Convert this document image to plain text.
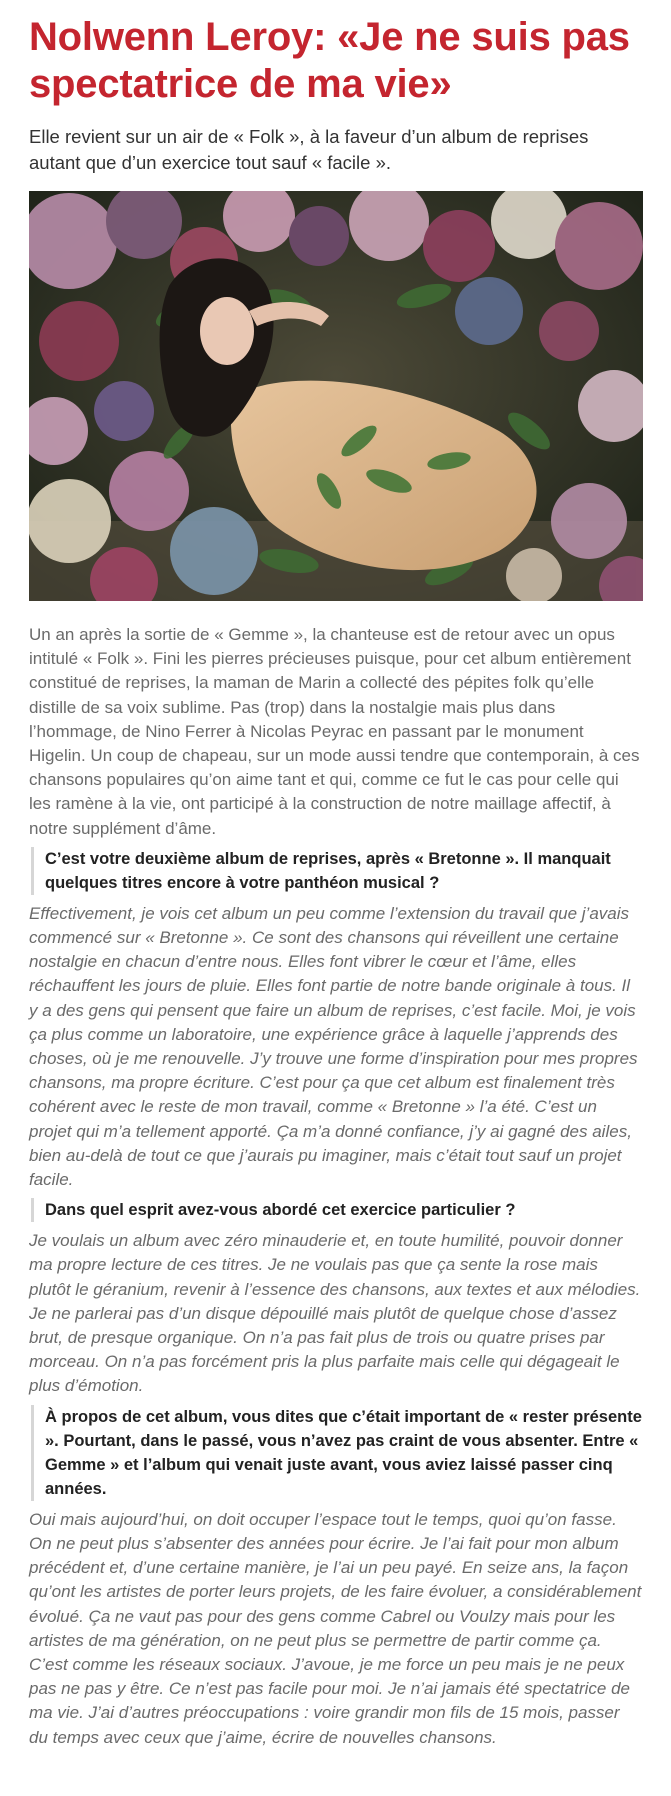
Nolwenn Leroy: «Je ne suis pas spectatrice de ma vie»

Elle revient sur un air de « Folk », à la faveur d’un album de reprises autant que d’un exercice tout sauf « facile ».

Un an après la sortie de « Gemme », la chanteuse est de retour avec un opus intitulé « Folk ». Fini les pierres précieuses puisque, pour cet album entièrement constitué de reprises, la maman de Marin a collecté des pépites folk qu’elle distille de sa voix sublime. Pas (trop) dans la nostalgie mais plus dans l’hommage, de Nino Ferrer à Nicolas Peyrac en passant par le monument Higelin. Un coup de chapeau, sur un mode aussi tendre que contemporain, à ces chansons populaires qu’on aime tant et qui, comme ce fut le cas pour celle qui les ramène à la vie, ont participé à la construction de notre maillage affectif, à notre supplément d’âme.

C’est votre deuxième album de reprises, après « Bretonne ». Il manquait quelques titres encore à votre panthéon musical ?

Effectivement, je vois cet album un peu comme l’extension du travail que j’avais commencé sur « Bretonne ». Ce sont des chansons qui réveillent une certaine nostalgie en chacun d’entre nous. Elles font vibrer le cœur et l’âme, elles réchauffent les jours de pluie. Elles font partie de notre bande originale à tous. Il y a des gens qui pensent que faire un album de reprises, c’est facile. Moi, je vois ça plus comme un laboratoire, une expérience grâce à laquelle j’apprends des choses, où je me renouvelle. J’y trouve une forme d’inspiration pour mes propres chansons, ma propre écriture. C’est pour ça que cet album est finalement très cohérent avec le reste de mon travail, comme « Bretonne » l’a été. C’est un projet qui m’a tellement apporté. Ça m’a donné confiance, j’y ai gagné des ailes, bien au-delà de tout ce que j’aurais pu imaginer, mais c’était tout sauf un projet facile.

Dans quel esprit avez-vous abordé cet exercice particulier ?

Je voulais un album avec zéro minauderie et, en toute humilité, pouvoir donner ma propre lecture de ces titres. Je ne voulais pas que ça sente la rose mais plutôt le géranium, revenir à l’essence des chansons, aux textes et aux mélodies. Je ne parlerai pas d’un disque dépouillé mais plutôt de quelque chose d’assez brut, de presque organique. On n’a pas fait plus de trois ou quatre prises par morceau. On n’a pas forcément pris la plus parfaite mais celle qui dégageait le plus d’émotion.

À propos de cet album, vous dites que c’était important de « rester présente ». Pourtant, dans le passé, vous n’avez pas craint de vous absenter. Entre « Gemme » et l’album qui venait juste avant, vous aviez laissé passer cinq années.

Oui mais aujourd’hui, on doit occuper l’espace tout le temps, quoi qu’on fasse. On ne peut plus s’absenter des années pour écrire. Je l’ai fait pour mon album précédent et, d’une certaine manière, je l’ai un peu payé. En seize ans, la façon qu’ont les artistes de porter leurs projets, de les faire évoluer, a considérablement évolué. Ça ne vaut pas pour des gens comme Cabrel ou Voulzy mais pour les artistes de ma génération, on ne peut plus se permettre de partir comme ça. C’est comme les réseaux sociaux. J’avoue, je me force un peu mais je ne peux pas ne pas y être. Ce n’est pas facile pour moi. Je n’ai jamais été spectatrice de ma vie. J’ai d’autres préoccupations : voire grandir mon fils de 15 mois, passer du temps avec ceux que j’aime, écrire de nouvelles chansons.
